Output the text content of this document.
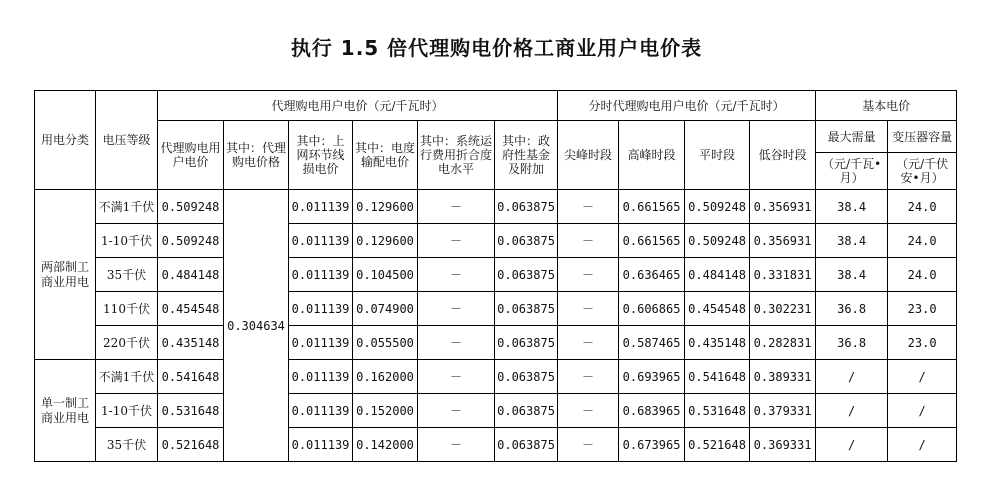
执行 1.5 倍代理购电价格工商业用户电价表
用电分类	电压等级	代理购电用户电价（元/千瓦时）						分时代理购电用户电价（元/千瓦时）				基本电价	
		代理购电用户电价	其中：代理购电价格	其中：上网环节线损电价	其中：电度输配电价	其中：系统运行费用折合度电水平	其中：政府性基金及附加	尖峰时段	高峰时段	平时段	低谷时段	最大需量	变压器容量
												（元/千瓦•月）	（元/千伏安•月）
两部制工商业用电	不满1千伏	0.509248	0.304634	0.011139	0.129600	－	0.063875	－	0.661565	0.509248	0.356931	38.4	24.0
	1-10千伏	0.509248		0.011139	0.129600	－	0.063875	－	0.661565	0.509248	0.356931	38.4	24.0
	35千伏	0.484148		0.011139	0.104500	－	0.063875	－	0.636465	0.484148	0.331831	38.4	24.0
	110千伏	0.454548		0.011139	0.074900	－	0.063875	－	0.606865	0.454548	0.302231	36.8	23.0
	220千伏	0.435148		0.011139	0.055500	－	0.063875	－	0.587465	0.435148	0.282831	36.8	23.0
单一制工商业用电	不满1千伏	0.541648		0.011139	0.162000	－	0.063875	－	0.693965	0.541648	0.389331	/	/
	1-10千伏	0.531648		0.011139	0.152000	－	0.063875	－	0.683965	0.531648	0.379331	/	/
	35千伏	0.521648		0.011139	0.142000	－	0.063875	－	0.673965	0.521648	0.369331	/	/
